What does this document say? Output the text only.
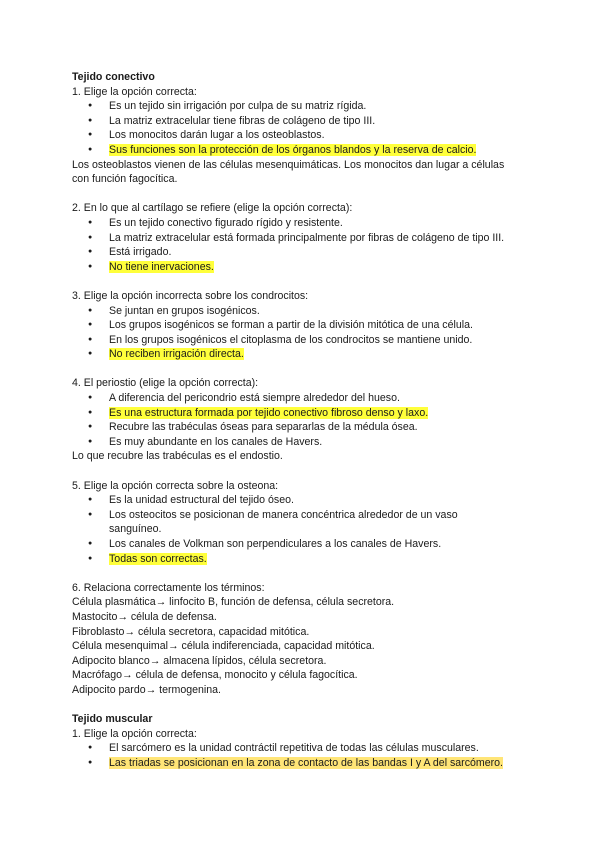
Tejido conectivo
1. Elige la opción correcta:
● Es un tejido sin irrigación por culpa de su matriz rígida.
● La matriz extracelular tiene fibras de colágeno de tipo III.
● Los monocitos darán lugar a los osteoblastos.
● Sus funciones son la protección de los órganos blandos y la reserva de calcio.
Los osteoblastos vienen de las células mesenquimáticas. Los monocitos dan lugar a células
con función fagocítica.
2. En lo que al cartílago se refiere (elige la opción correcta):
● Es un tejido conectivo figurado rígido y resistente.
● La matriz extracelular está formada principalmente por fibras de colágeno de tipo III.
● Está irrigado.
● No tiene inervaciones.
3. Elige la opción incorrecta sobre los condrocitos:
● Se juntan en grupos isogénicos.
● Los grupos isogénicos se forman a partir de la división mitótica de una célula.
● En los grupos isogénicos el citoplasma de los condrocitos se mantiene unido.
● No reciben irrigación directa.
4. El periostio (elige la opción correcta):
● A diferencia del pericondrio está siempre alrededor del hueso.
● Es una estructura formada por tejido conectivo fibroso denso y laxo.
● Recubre las trabéculas óseas para separarlas de la médula ósea.
● Es muy abundante en los canales de Havers.
Lo que recubre las trabéculas es el endostio.
5. Elige la opción correcta sobre la osteona:
● Es la unidad estructural del tejido óseo.
● Los osteocitos se posicionan de manera concéntrica alrededor de un vaso
sanguíneo.
● Los canales de Volkman son perpendiculares a los canales de Havers.
● Todas son correctas.
6. Relaciona correctamente los términos:
Célula plasmática→ linfocito B, función de defensa, célula secretora.
Mastocito→ célula de defensa.
Fibroblasto→ célula secretora, capacidad mitótica.
Célula mesenquimal→ célula indiferenciada, capacidad mitótica.
Adipocito blanco→ almacena lípidos, célula secretora.
Macrófago→ célula de defensa, monocito y célula fagocítica.
Adipocito pardo→ termogenina.
Tejido muscular
1. Elige la opción correcta:
● El sarcómero es la unidad contráctil repetitiva de todas las células musculares.
● Las triadas se posicionan en la zona de contacto de las bandas I y A del sarcómero.
